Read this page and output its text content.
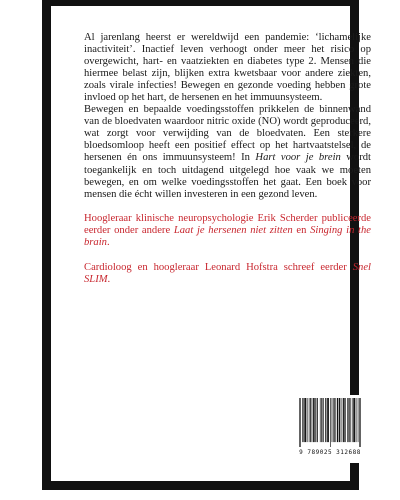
Al jarenlang heerst er wereldwijd een pandemie: ‘lichamelijke inactiviteit’. Inactief leven verhoogt onder meer het risico op overgewicht, hart- en vaatziekten en diabetes type 2. Mensen die hiermee belast zijn, blijken extra kwetsbaar voor andere ziekten, zoals virale infecties! Bewegen en gezonde voeding hebben grote invloed op het hart, de hersenen en het immuunsysteem.

Bewegen en bepaalde voedingsstoffen prikkelen de binnenwand van de bloedvaten waardoor nitric oxide (NO) wordt geproduceerd, wat zorgt voor verwijding van de bloedvaten. Een sterkere bloedsomloop heeft een positief effect op het hartvaatstelsel, de hersenen én ons immuunsysteem! In Hart voor je brein wordt toegankelijk en toch uitdagend uitgelegd hoe vaak we moeten bewegen, en om welke voedingsstoffen het gaat. Een boek voor mensen die écht willen investeren in een gezond leven.

Hoogleraar klinische neuropsychologie Erik Scherder publiceerde eerder onder andere Laat je hersenen niet zitten en Singing in the brain.

Cardioloog en hoogleraar Leonard Hofstra schreef eerder Snel SLIM.

9 789025 312688
